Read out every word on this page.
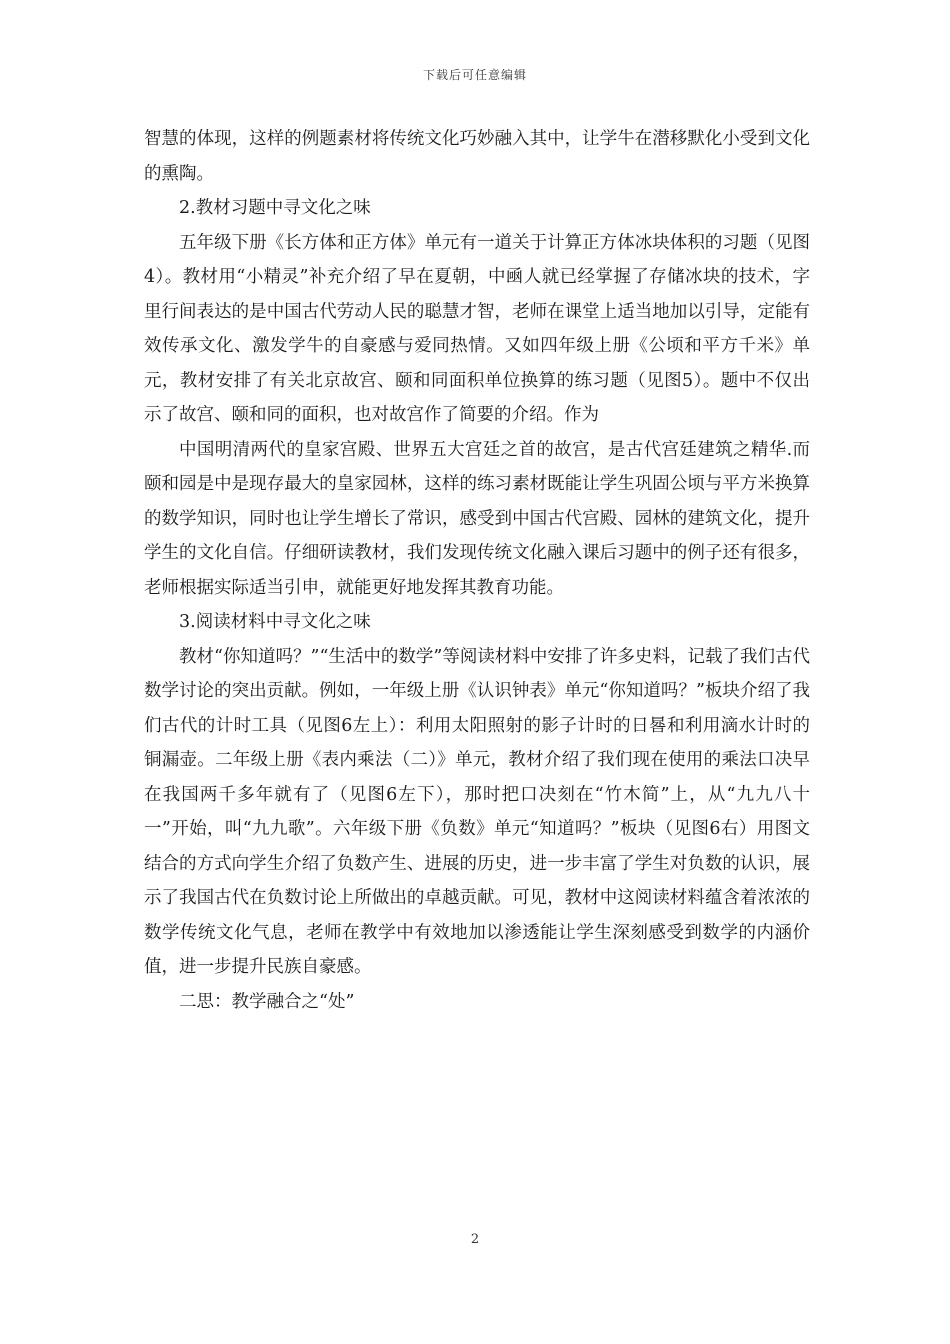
下载后可任意编辑

智慧的体现，这样的例题素材将传统文化巧妙融入其中，让学牛在潜移默化小受到文化的熏陶。

2.教材习题中寻文化之味

五年级下册《长方体和正方体》单元有一道关于计算正方体冰块体积的习题（见图4）。教材用“小精灵”补充介绍了早在夏朝，中凾人就已经掌握了存储冰块的技术，字里行间表达的是中国古代劳动人民的聪慧才智，老师在课堂上适当地加以引导，定能有效传承文化、激发学牛的自豪感与爱同热情。又如四年级上册《公顷和平方千米》单元，教材安排了有关北京故宫、颐和同面积单位换算的练习题（见图5）。题中不仅出示了故宫、颐和同的面积，也对故宫作了简要的介绍。作为

中国明清两代的皇家宫殿、世界五大宫廷之首的故宫，是古代宫廷建筑之精华.而颐和园是中是现存最大的皇家园林，这样的练习素材既能让学生巩固公顷与平方米换算的数学知识，同时也让学生增长了常识，感受到中国古代宫殿、园林的建筑文化，提升学生的文化自信。仔细研读教材，我们发现传统文化融入课后习题中的例子还有很多，老师根据实际适当引申，就能更好地发挥其教育功能。

3.阅读材料中寻文化之味

教材“你知道吗？”“生活中的数学”等阅读材料中安排了许多史料，记载了我们古代数学讨论的突出贡献。例如，一年级上册《认识钟表》单元“你知道吗？”板块介绍了我们古代的计时工具（见图6左上）：利用太阳照射的影子计时的日晷和利用滴水计时的铜漏壶。二年级上册《表内乘法（二）》单元，教材介绍了我们现在使用的乘法口决早在我国两千多年就有了（见图6左下），那时把口决刻在“竹木简”上，从“九九八十一”开始，叫“九九歌”。六年级下册《负数》单元“知道吗？”板块（见图6右）用图文结合的方式向学生介绍了负数产生、进展的历史，进一步丰富了学生对负数的认识，展示了我国古代在负数讨论上所做出的卓越贡献。可见，教材中这阅读材料蕴含着浓浓的数学传统文化气息，老师在教学中有效地加以渗透能让学生深刻感受到数学的内涵价值，进一步提升民族自豪感。

二思：教学融合之“处”

2
